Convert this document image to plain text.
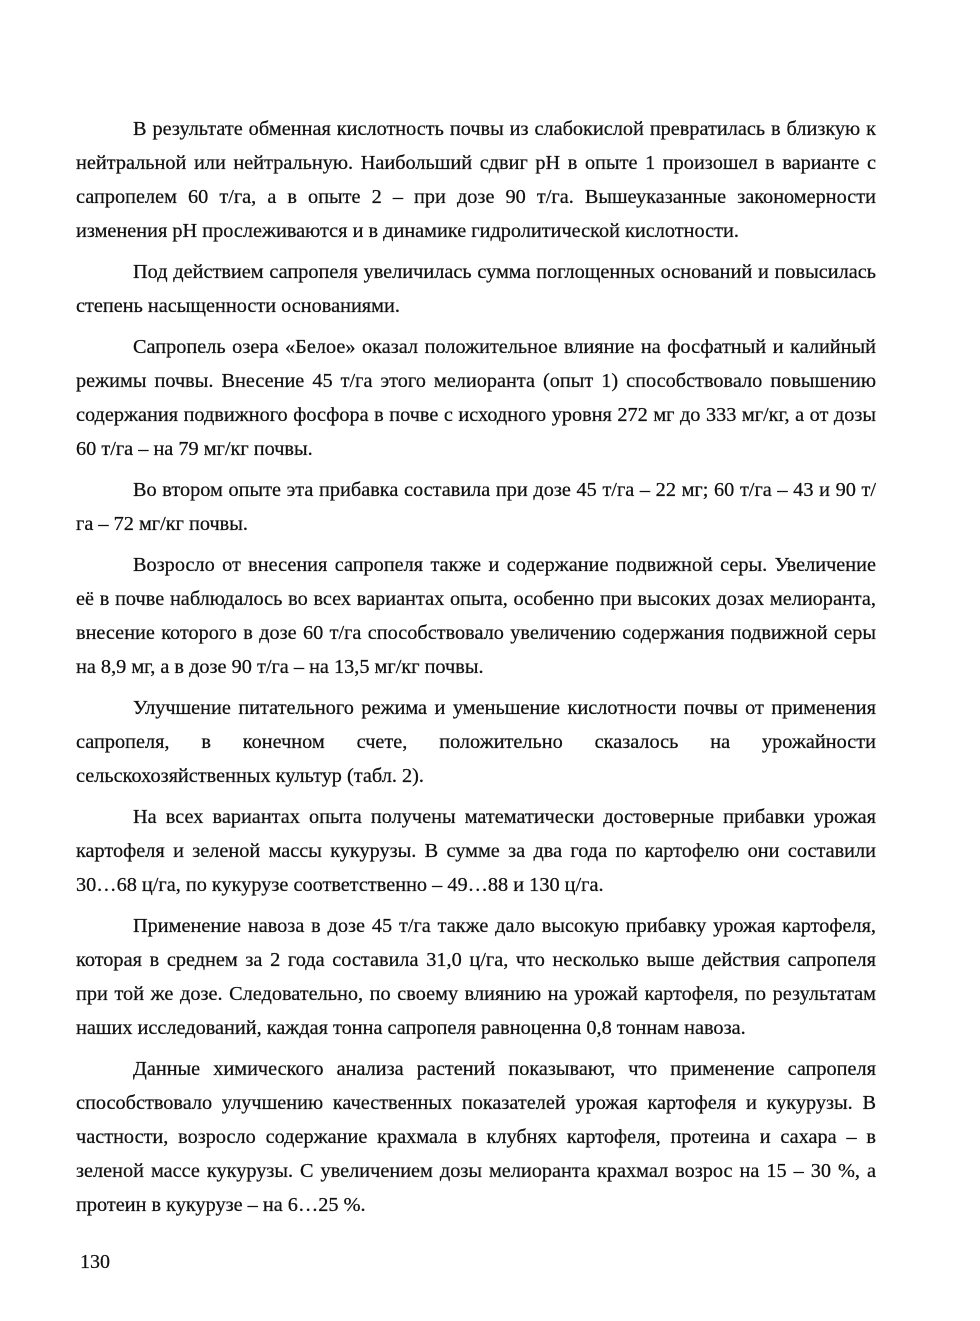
В результате обменная кислотность почвы из слабокислой превратилась в близкую к нейтральной или нейтральную. Наибольший сдвиг pH в опыте 1 произошел в варианте с сапропелем 60 т/га, а в опыте 2 – при дозе 90 т/га. Вышеуказанные закономерности изменения pH прослеживаются и в динамике гидролитической кислотности.

Под действием сапропеля увеличилась сумма поглощенных оснований и повысилась степень насыщенности основаниями.

Сапропель озера «Белое» оказал положительное влияние на фосфатный и калийный режимы почвы. Внесение 45 т/га этого мелиоранта (опыт 1) способствовало повышению содержания подвижного фосфора в почве с исходного уровня 272 мг до 333 мг/кг, а от дозы 60 т/га – на 79 мг/кг почвы.

Во втором опыте эта прибавка составила при дозе 45 т/га – 22 мг; 60 т/га – 43 и 90 т/га – 72 мг/кг почвы.

Возросло от внесения сапропеля также и содержание подвижной серы. Увеличение её в почве наблюдалось во всех вариантах опыта, особенно при высоких дозах мелиоранта, внесение которого в дозе 60 т/га способствовало увеличению содержания подвижной серы на 8,9 мг, а в дозе 90 т/га – на 13,5 мг/кг почвы.

Улучшение питательного режима и уменьшение кислотности почвы от применения сапропеля, в конечном счете, положительно сказалось на урожайности сельскохозяйственных культур (табл. 2).

На всех вариантах опыта получены математически достоверные прибавки урожая картофеля и зеленой массы кукурузы. В сумме за два года по картофелю они составили 30…68 ц/га, по кукурузе соответственно – 49…88 и 130 ц/га.

Применение навоза в дозе 45 т/га также дало высокую прибавку урожая картофеля, которая в среднем за 2 года составила 31,0 ц/га, что несколько выше действия сапропеля при той же дозе. Следовательно, по своему влиянию на урожай картофеля, по результатам наших исследований, каждая тонна сапропеля равноценна 0,8 тоннам навоза.

Данные химического анализа растений показывают, что применение сапропеля способствовало улучшению качественных показателей урожая картофеля и кукурузы. В частности, возросло содержание крахмала в клубнях картофеля, протеина и сахара – в зеленой массе кукурузы. С увеличением дозы мелиоранта крахмал возрос на 15 – 30 %, а протеин в кукурузе – на 6…25 %.

130
